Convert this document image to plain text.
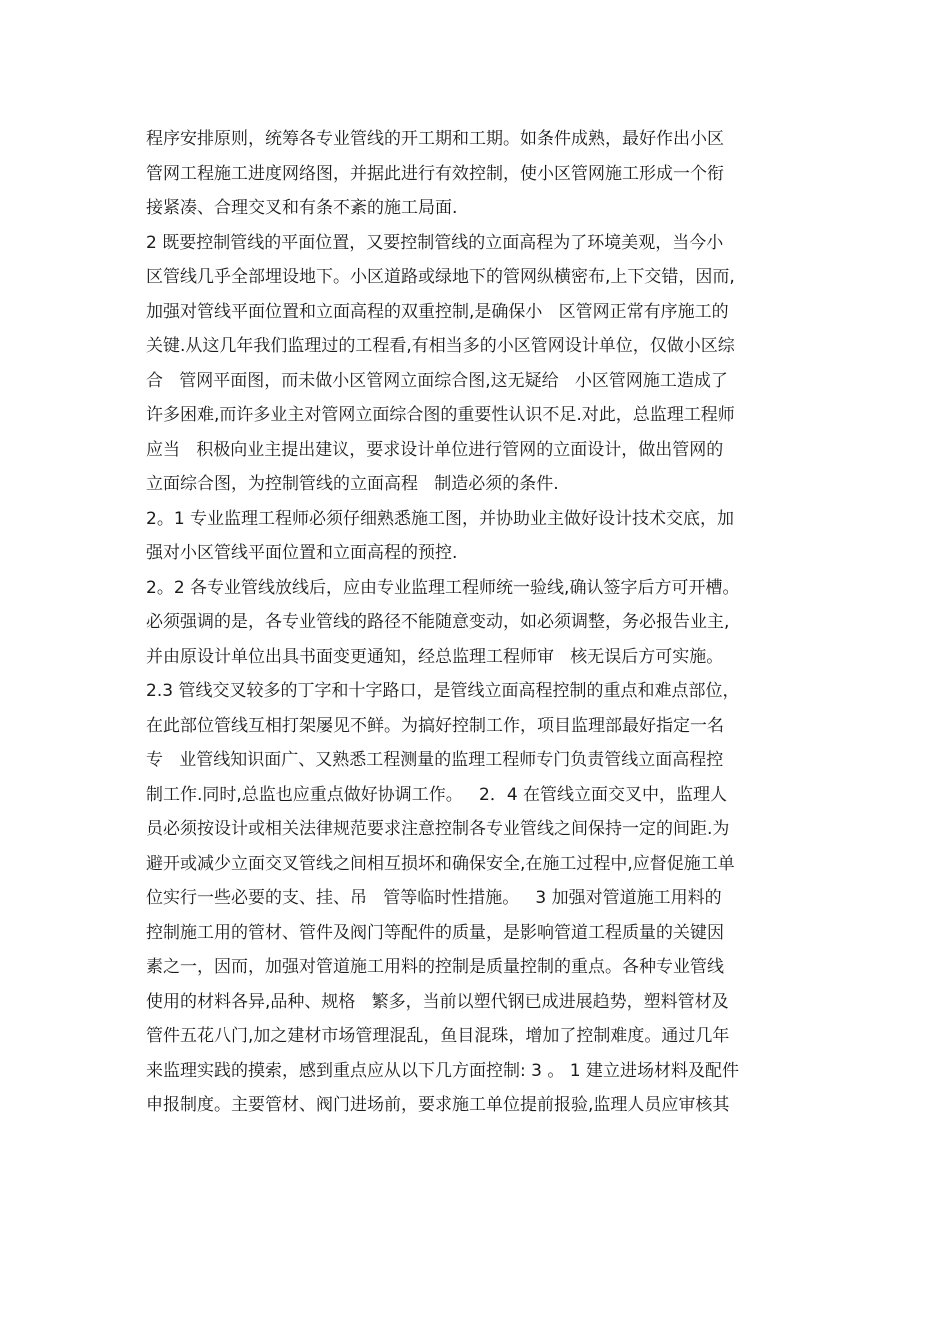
程序安排原则，统筹各专业管线的开工期和工期。如条件成熟，最好作出小区
管网工程施工进度网络图，并据此进行有效控制，使小区管网施工形成一个衔
接紧凑、合理交叉和有条不紊的施工局面.
2 既要控制管线的平面位置，又要控制管线的立面高程为了环境美观，当今小
区管线几乎全部埋设地下。小区道路或绿地下的管网纵横密布,上下交错，因而,
加强对管线平面位置和立面高程的双重控制,是确保小   区管网正常有序施工的
关键.从这几年我们监理过的工程看,有相当多的小区管网设计单位，仅做小区综
合   管网平面图，而未做小区管网立面综合图,这无疑给   小区管网施工造成了
许多困难,而许多业主对管网立面综合图的重要性认识不足.对此，总监理工程师
应当   积极向业主提出建议，要求设计单位进行管网的立面设计，做出管网的
立面综合图，为控制管线的立面高程   制造必须的条件.
2。1 专业监理工程师必须仔细熟悉施工图，并协助业主做好设计技术交底，加
强对小区管线平面位置和立面高程的预控.
2。2 各专业管线放线后，应由专业监理工程师统一验线,确认签字后方可开槽。
必须强调的是，各专业管线的路径不能随意变动，如必须调整，务必报告业主,
并由原设计单位出具书面变更通知，经总监理工程师审   核无误后方可实施。
2.3 管线交叉较多的丁字和十字路口，是管线立面高程控制的重点和难点部位，
在此部位管线互相打架屡见不鲜。为搞好控制工作，项目监理部最好指定一名
专   业管线知识面广、又熟悉工程测量的监理工程师专门负责管线立面高程控
制工作.同时,总监也应重点做好协调工作。   2．4 在管线立面交叉中，监理人
员必须按设计或相关法律规范要求注意控制各专业管线之间保持一定的间距.为
避开或减少立面交叉管线之间相互损坏和确保安全,在施工过程中,应督促施工单
位实行一些必要的支、挂、吊   管等临时性措施。   3 加强对管道施工用料的
控制施工用的管材、管件及阀门等配件的质量，是影响管道工程质量的关键因
素之一，因而，加强对管道施工用料的控制是质量控制的重点。各种专业管线
使用的材料各异,品种、规格   繁多，当前以塑代钢已成进展趋势，塑料管材及
管件五花八门,加之建材市场管理混乱，鱼目混珠，增加了控制难度。通过几年
来监理实践的摸索，感到重点应从以下几方面控制: 3 。 1 建立进场材料及配件
申报制度。主要管材、阀门进场前，要求施工单位提前报验,监理人员应审核其
